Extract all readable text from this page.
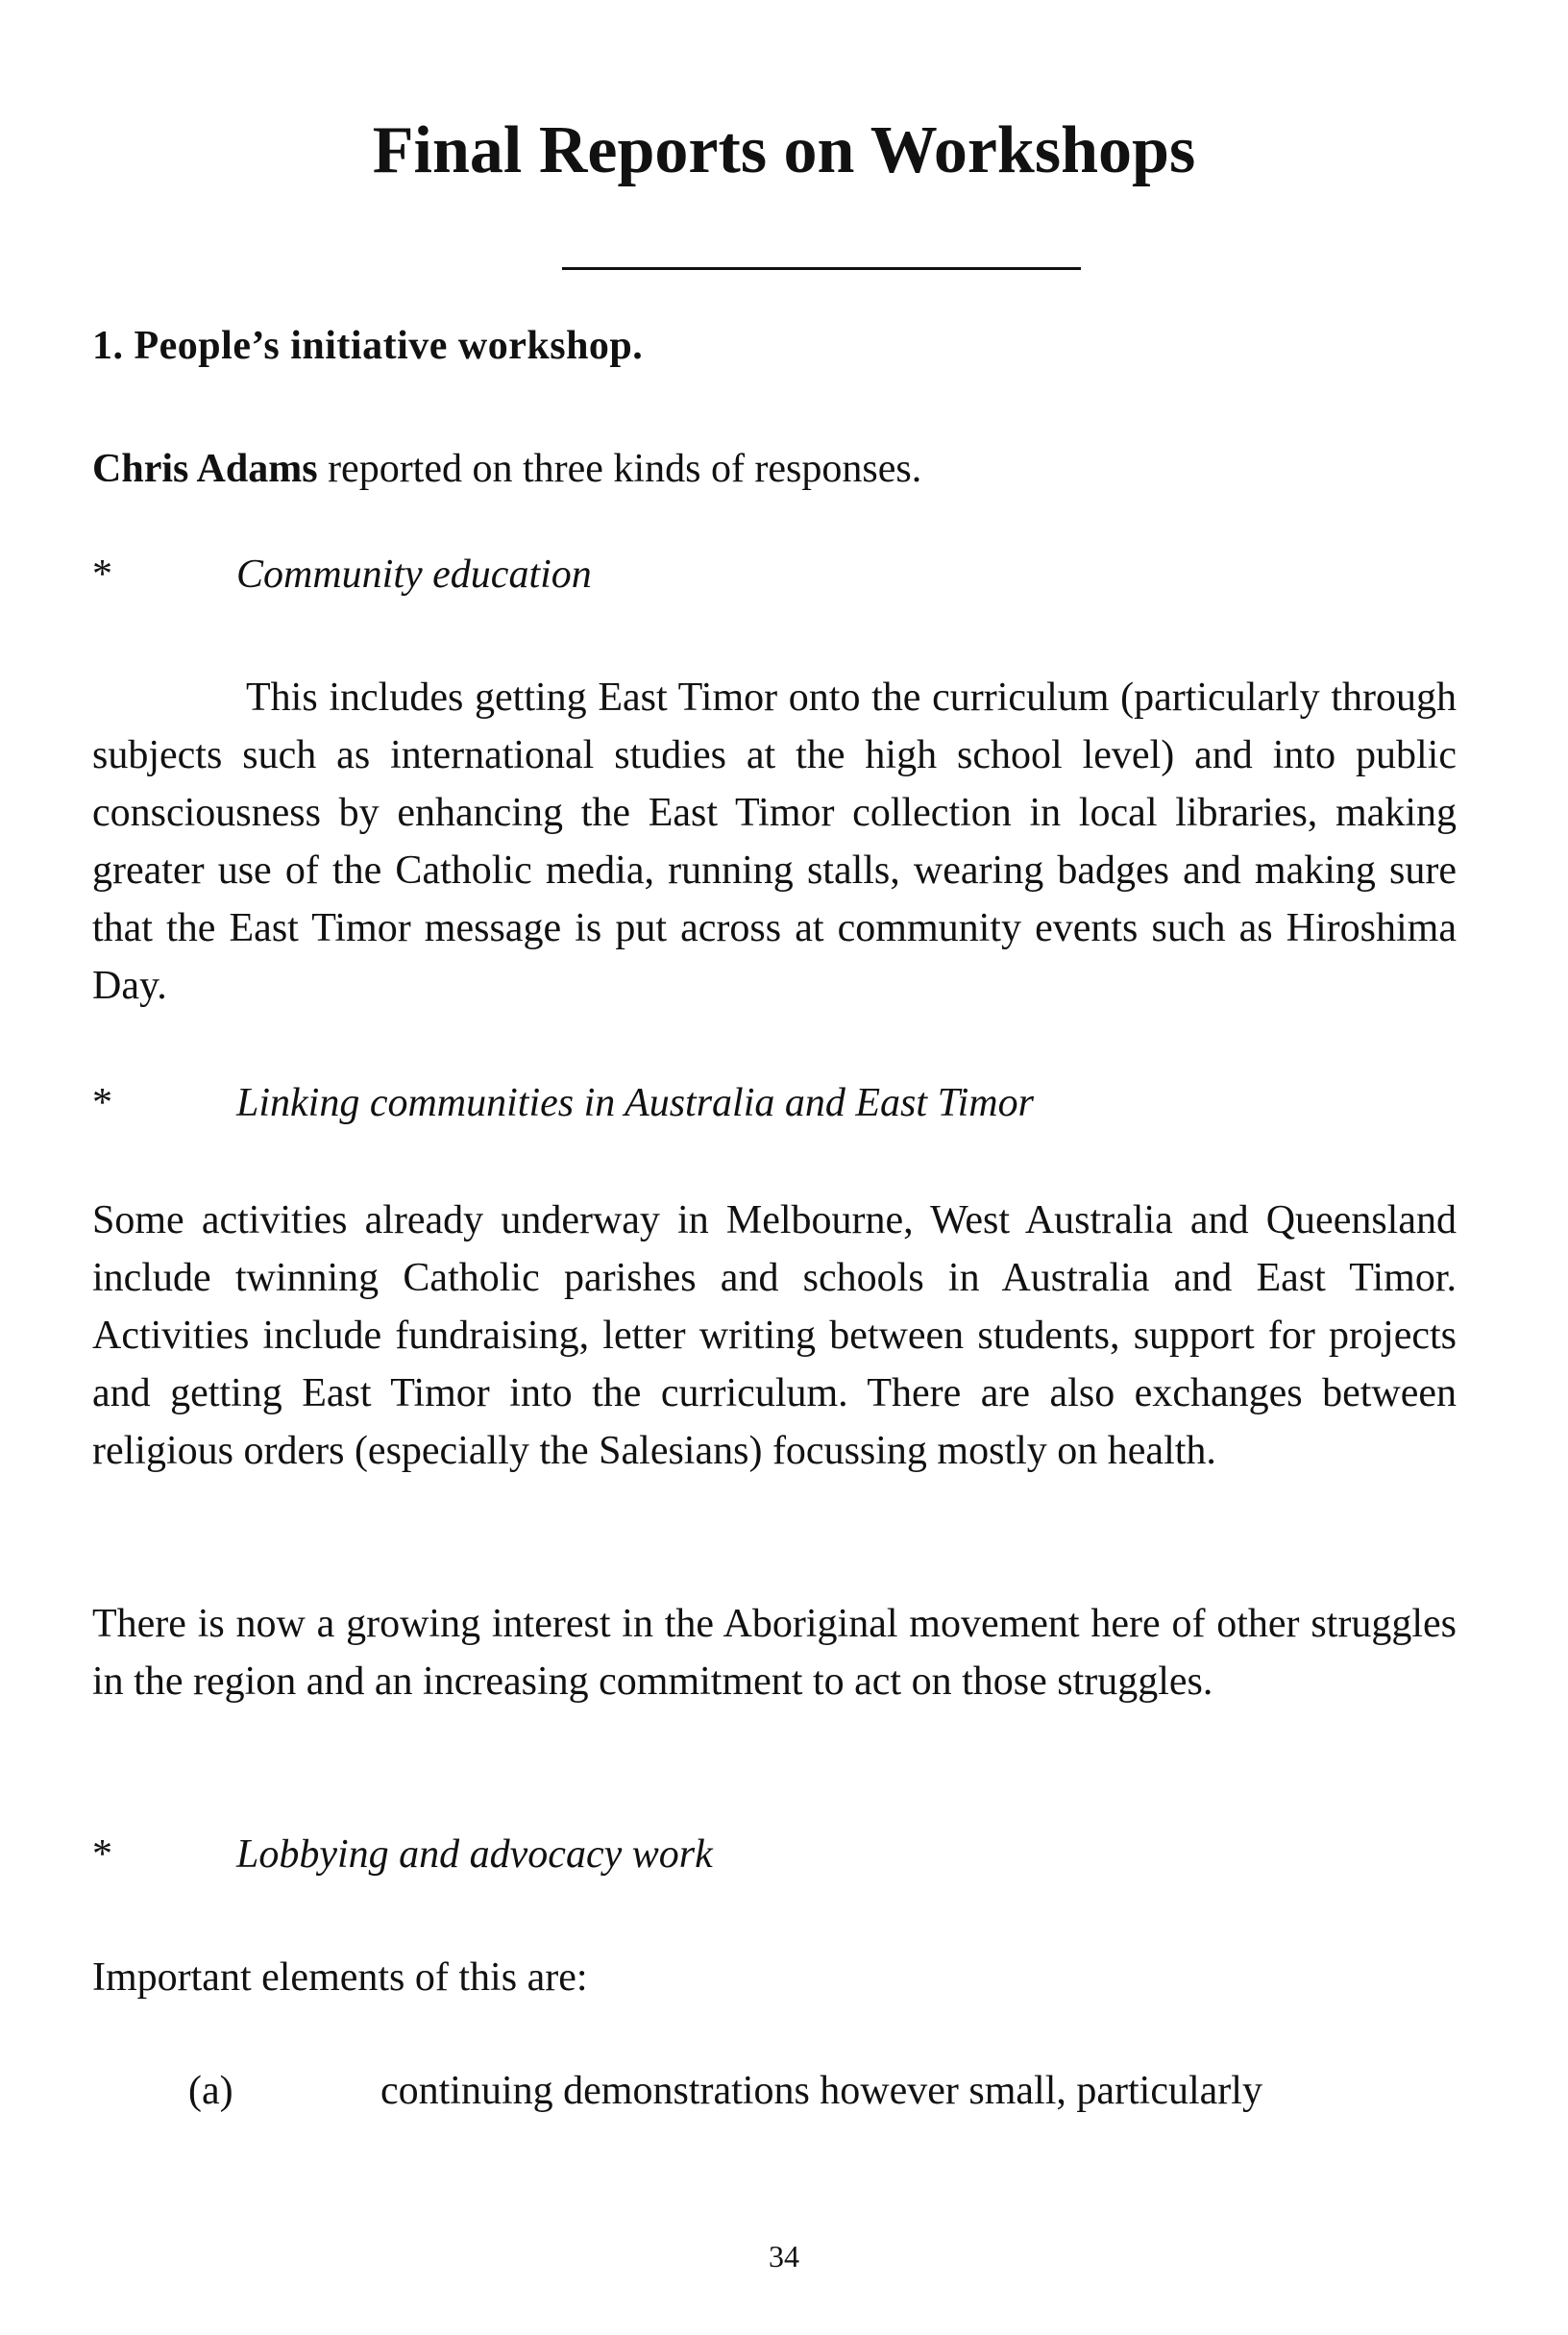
Final Reports on Workshops

1. People’s initiative workshop.

Chris Adams reported on three kinds of responses.

*	Community education

This includes getting East Timor onto the curriculum (particularly through subjects such as international studies at the high school level) and into public consciousness by enhancing the East Timor collection in local libraries, making greater use of the Catholic media, running stalls, wearing badges and making sure that the East Timor message is put across at community events such as Hiroshima Day.

*	Linking communities in Australia and East Timor

Some activities already underway in Melbourne, West Australia and Queensland include twinning Catholic parishes and schools in Australia and East Timor. Activities include fundraising, letter writing between students, support for projects and getting East Timor into the curriculum. There are also exchanges between religious orders (especially the Salesians) focussing mostly on health.

There is now a growing interest in the Aboriginal movement here of other struggles in the region and an increasing commitment to act on those struggles.

*	Lobbying and advocacy work

Important elements of this are:

(a)	continuing demonstrations however small, particularly
34
